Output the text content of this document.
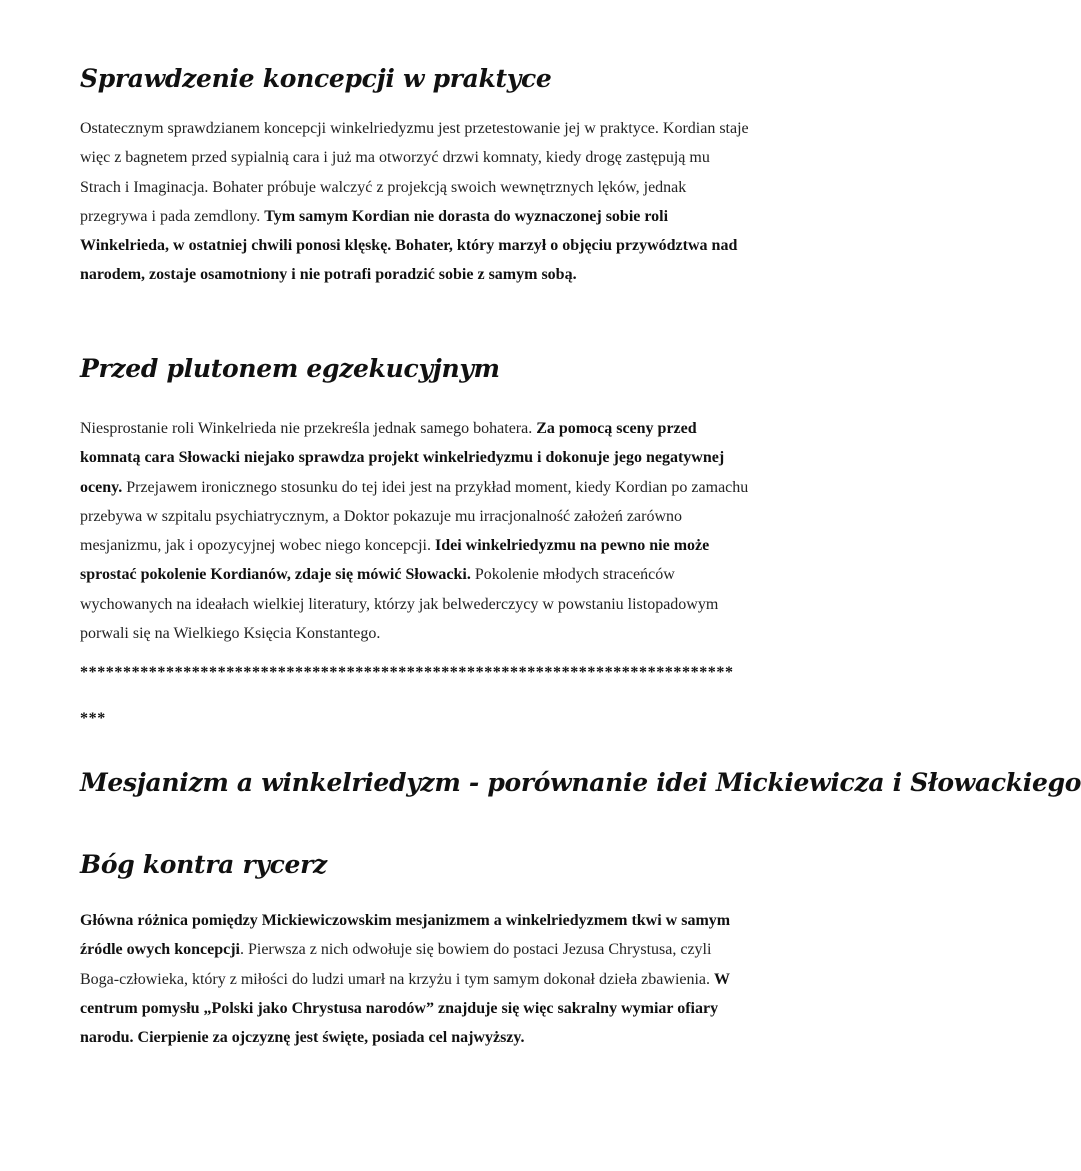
Sprawdzenie koncepcji w praktyce

Ostatecznym sprawdzianem koncepcji winkelriedyzmu jest przetestowanie jej w praktyce. Kordian staje więc z bagnetem przed sypialnią cara i już ma otworzyć drzwi komnaty, kiedy drogę zastępują mu Strach i Imaginacja. Bohater próbuje walczyć z projekcją swoich wewnętrznych lęków, jednak przegrywa i pada zemdlony. Tym samym Kordian nie dorasta do wyznaczonej sobie roli Winkelrieda, w ostatniej chwili ponosi klęskę. Bohater, który marzył o objęciu przywództwa nad narodem, zostaje osamotniony i nie potrafi poradzić sobie z samym sobą.

Przed plutonem egzekucyjnym

Niesprostanie roli Winkelrieda nie przekreśla jednak samego bohatera. Za pomocą sceny przed komnatą cara Słowacki niejako sprawdza projekt winkelriedyzmu i dokonuje jego negatywnej oceny. Przejawem ironicznego stosunku do tej idei jest na przykład moment, kiedy Kordian po zamachu przebywa w szpitalu psychiatrycznym, a Doktor pokazuje mu irracjonalność założeń zarówno mesjanizmu, jak i opozycyjnej wobec niego koncepcji. Idei winkelriedyzmu na pewno nie może sprostać pokolenie Kordianów, zdaje się mówić Słowacki. Pokolenie młodych straceńców wychowanych na ideałach wielkiej literatury, którzy jak belwederczycy w powstaniu listopadowym porwali się na Wielkiego Księcia Konstantego.

****************************************************************************
***
Mesjanizm a winkelriedyzm - porównanie idei Mickiewicza i Słowackiego
Bóg kontra rycerz

Główna różnica pomiędzy Mickiewiczowskim mesjanizmem a winkelriedyzmem tkwi w samym źródle owych koncepcji. Pierwsza z nich odwołuje się bowiem do postaci Jezusa Chrystusa, czyli Boga-człowieka, który z miłości do ludzi umarł na krzyżu i tym samym dokonał dzieła zbawienia. W centrum pomysłu „Polski jako Chrystusa narodów” znajduje się więc sakralny wymiar ofiary narodu. Cierpienie za ojczyznę jest święte, posiada cel najwyższy.
